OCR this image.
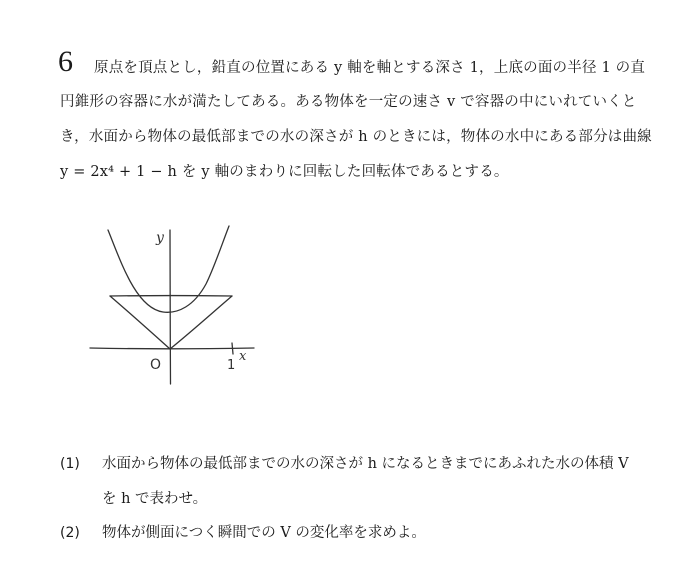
6 原点を頂点とし，鉛直の位置にある y 軸を軸とする深さ 1，上底の面の半径 1 の直
円錐形の容器に水が満たしてある。ある物体を一定の速さ v で容器の中にいれていくと
き，水面から物体の最低部までの水の深さが h のときには，物体の水中にある部分は曲線
y = 2x⁴ + 1 − h を y 軸のまわりに回転した回転体であるとする。
y
x
O	1
(1) 水面から物体の最低部までの水の深さが h になるときまでにあふれた水の体積 V
を h で表わせ。
(2) 物体が側面につく瞬間での V の変化率を求めよ。
